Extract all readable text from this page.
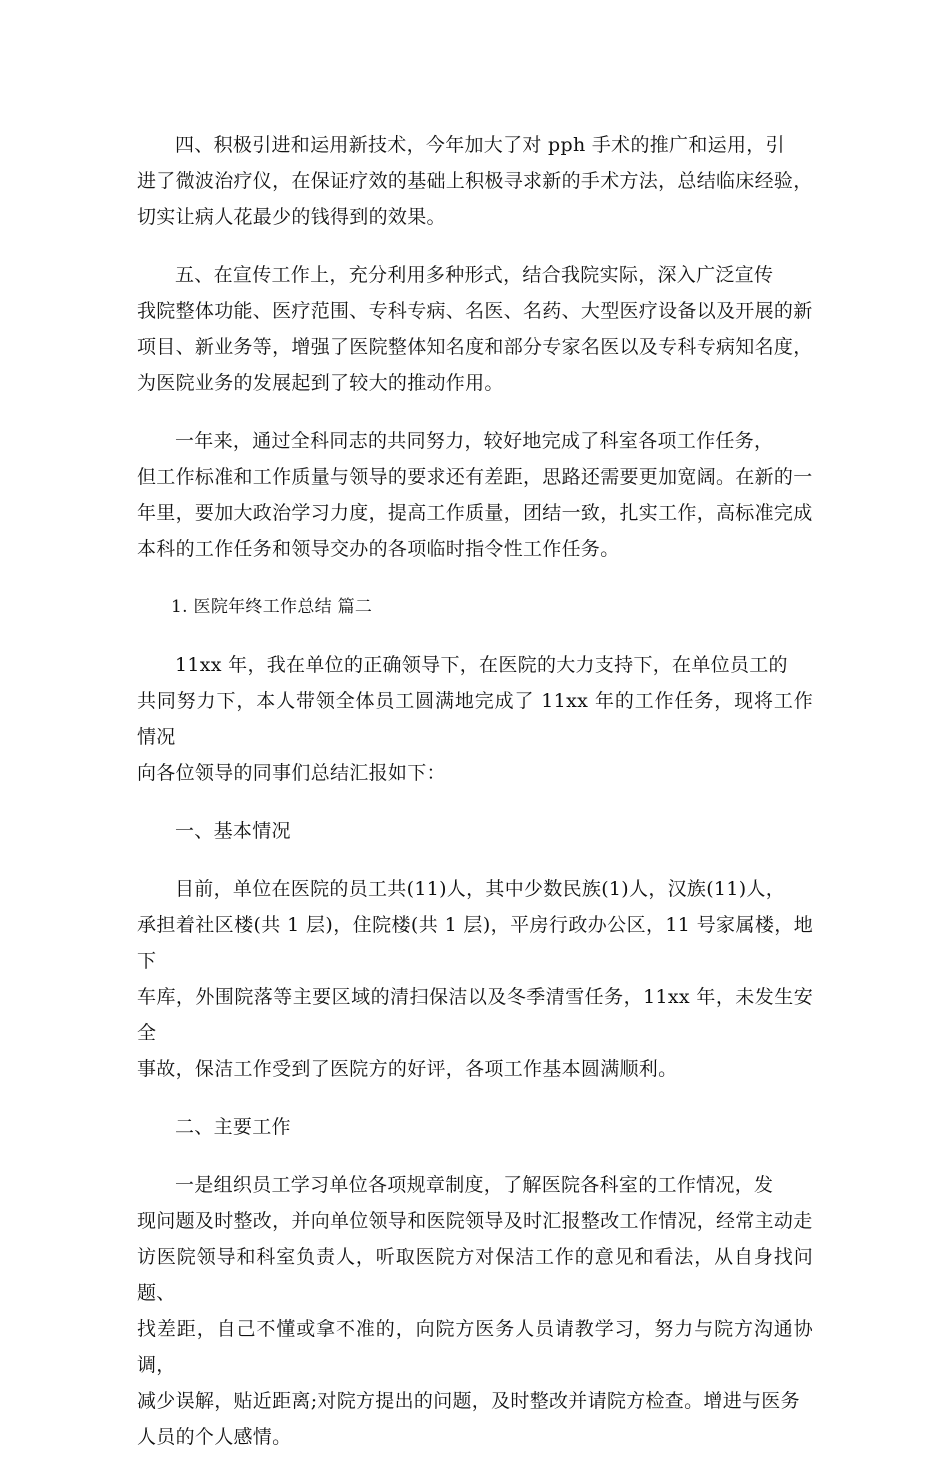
四、积极引进和运用新技术，今年加大了对 pph 手术的推广和运用，引
进了微波治疗仪，在保证疗效的基础上积极寻求新的手术方法，总结临床经验，
切实让病人花最少的钱得到的效果。
五、在宣传工作上，充分利用多种形式，结合我院实际，深入广泛宣传
我院整体功能、医疗范围、专科专病、名医、名药、大型医疗设备以及开展的新
项目、新业务等，增强了医院整体知名度和部分专家名医以及专科专病知名度，
为医院业务的发展起到了较大的推动作用。
一年来，通过全科同志的共同努力，较好地完成了科室各项工作任务，
但工作标准和工作质量与领导的要求还有差距，思路还需要更加宽阔。在新的一
年里，要加大政治学习力度，提高工作质量，团结一致，扎实工作，高标准完成
本科的工作任务和领导交办的各项临时指令性工作任务。
1. 医院年终工作总结 篇二
11xx 年，我在单位的正确领导下，在医院的大力支持下，在单位员工的
共同努力下，本人带领全体员工圆满地完成了 11xx 年的工作任务，现将工作情况
向各位领导的同事们总结汇报如下：
一、基本情况
目前，单位在医院的员工共(11)人，其中少数民族(1)人，汉族(11)人，
承担着社区楼(共 1 层)，住院楼(共 1 层)，平房行政办公区，11 号家属楼，地下
车库，外围院落等主要区域的清扫保洁以及冬季清雪任务，11xx 年，未发生安全
事故，保洁工作受到了医院方的好评，各项工作基本圆满顺利。
二、主要工作
一是组织员工学习单位各项规章制度，了解医院各科室的工作情况，发
现问题及时整改，并向单位领导和医院领导及时汇报整改工作情况，经常主动走
访医院领导和科室负责人，听取医院方对保洁工作的意见和看法，从自身找问题、
找差距，自己不懂或拿不准的，向院方医务人员请教学习，努力与院方沟通协调，
减少误解，贴近距离;对院方提出的问题，及时整改并请院方检查。增进与医务
人员的个人感情。
